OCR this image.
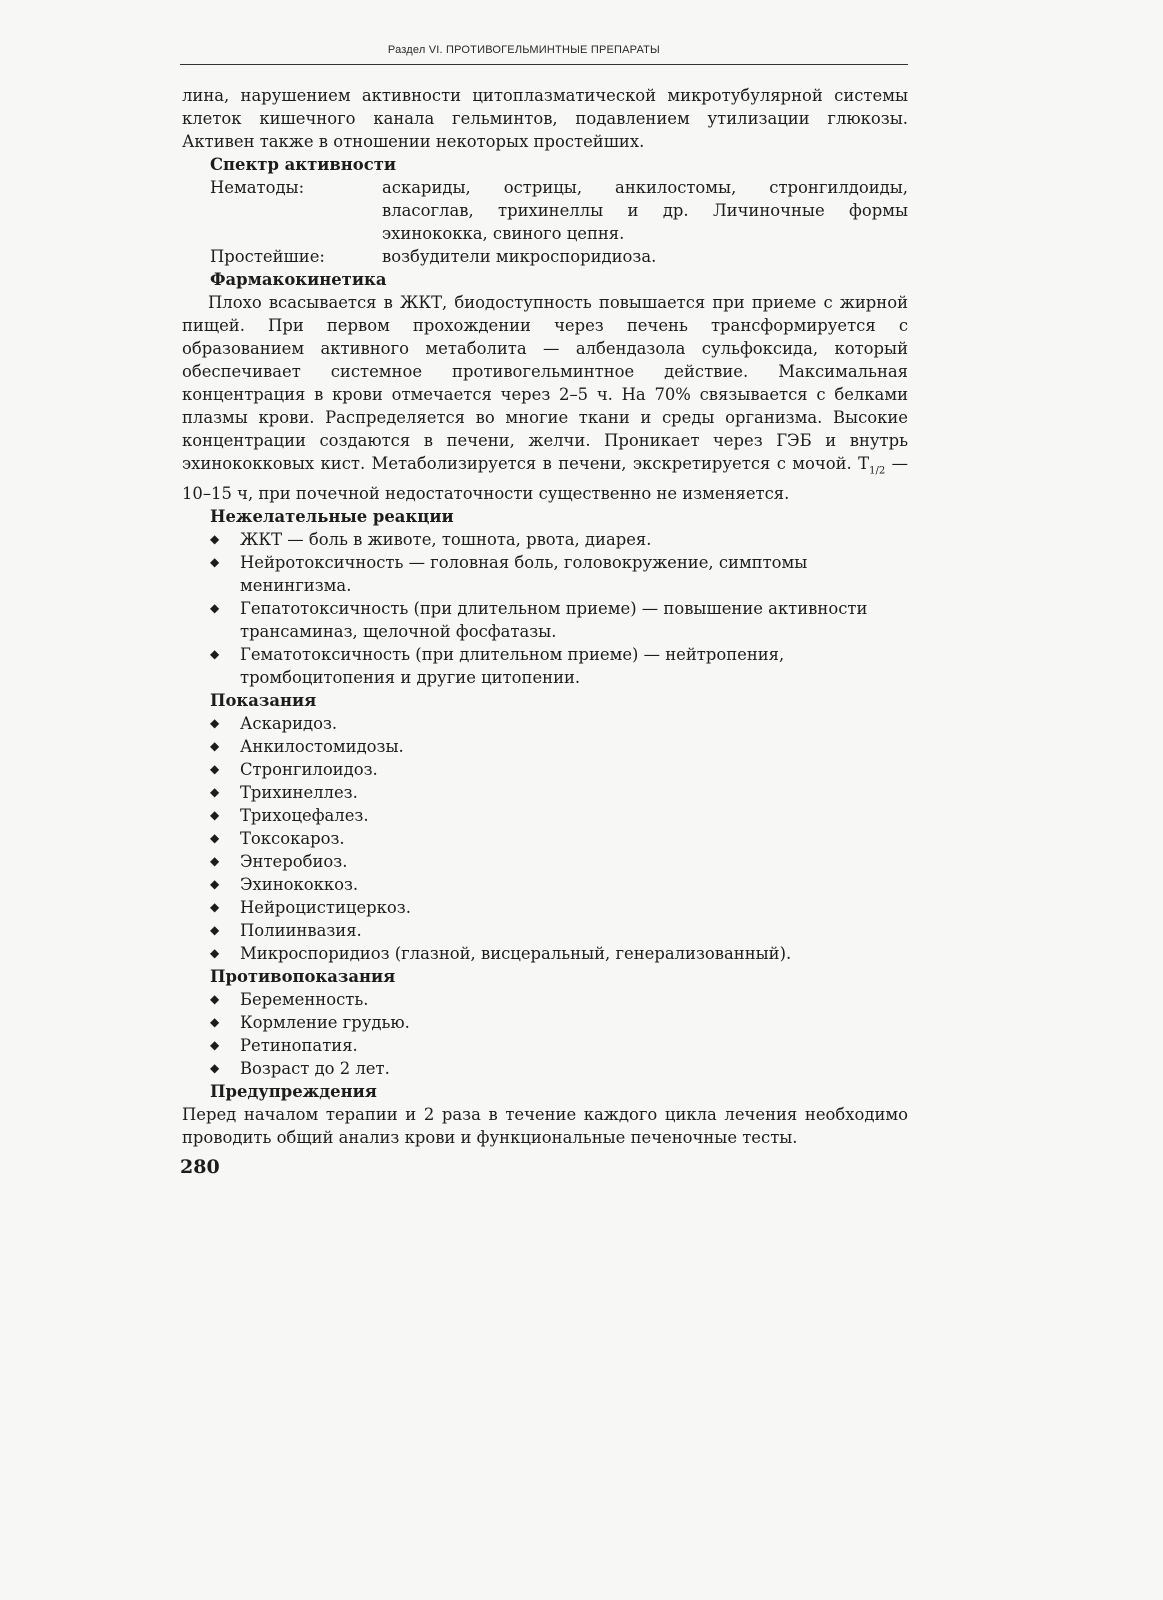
Раздел VI. ПРОТИВОГЕЛЬМИНТНЫЕ ПРЕПАРАТЫ

лина, нарушением активности цитоплазматической микротубулярной системы клеток кишечного канала гельминтов, подавлением утилизации глюкозы. Активен также в отношении некоторых простейших.

Спектр активности
Нематоды:	аскариды, острицы, анкилостомы, стронгилдоиды, власоглав, трихинеллы и др. Личиночные формы эхинококка, свиного цепня.
Простейшие:	возбудители микроспоридиоза.
Фармакокинетика

Плохо всасывается в ЖКТ, биодоступность повышается при приеме с жирной пищей. При первом прохождении через печень трансформируется с образованием активного метаболита — албендазола сульфоксида, который обеспечивает системное противогельминтное действие. Максимальная концентрация в крови отмечается через 2–5 ч. На 70% связывается с белками плазмы крови. Распределяется во многие ткани и среды организма. Высокие концентрации создаются в печени, желчи. Проникает через ГЭБ и внутрь эхинококковых кист. Метаболизируется в печени, экскретируется с мочой. $Т_{1/2}$ — 10–15 ч, при почечной недостаточности существенно не изменяется.

Нежелательные реакции
◆ ЖКТ — боль в животе, тошнота, рвота, диарея.
◆ Нейротоксичность — головная боль, головокружение, симптомы менингизма.
◆ Гепатотоксичность (при длительном приеме) — повышение активности трансаминаз, щелочной фосфатазы.
◆ Гематотоксичность (при длительном приеме) — нейтропения, тромбоцитопения и другие цитопении.
Показания
◆ Аскаридоз.
◆ Анкилостомидозы.
◆ Стронгилоидоз.
◆ Трихинеллез.
◆ Трихоцефалез.
◆ Токсокароз.
◆ Энтеробиоз.
◆ Эхинококкоз.
◆ Нейроцистицеркоз.
◆ Полиинвазия.
◆ Микроспоридиоз (глазной, висцеральный, генерализованный).
Противопоказания
◆ Беременность.
◆ Кормление грудью.
◆ Ретинопатия.
◆ Возраст до 2 лет.
Предупреждения

Перед началом терапии и 2 раза в течение каждого цикла лечения необходимо проводить общий анализ крови и функциональные печеночные тесты.

280
